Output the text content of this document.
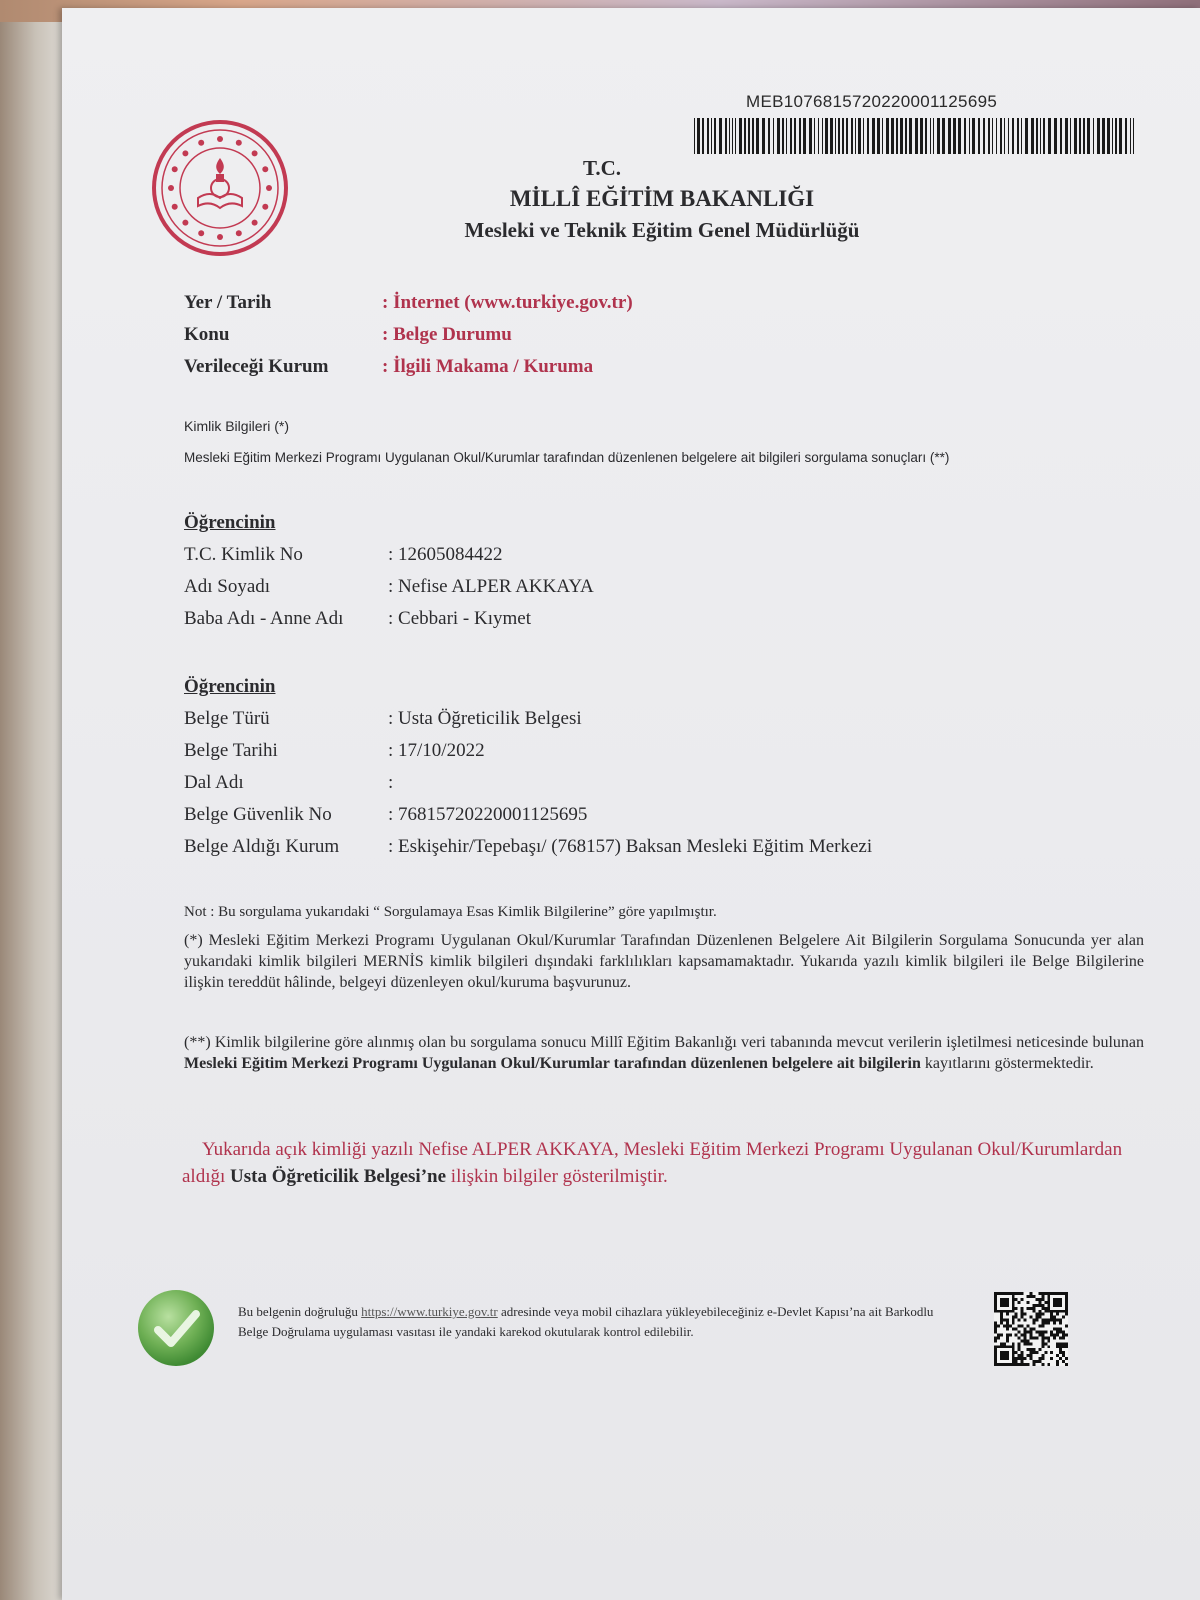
MEB1076815720220001125695
T.C.
MİLLÎ EĞİTİM BAKANLIĞI
Mesleki ve Teknik Eğitim Genel Müdürlüğü
Yer / Tarih	: İnternet (www.turkiye.gov.tr)
Konu	: Belge Durumu
Verileceği Kurum	: İlgili Makama / Kuruma
Kimlik Bilgileri (*)
Mesleki Eğitim Merkezi Programı Uygulanan Okul/Kurumlar tarafından düzenlenen belgelere ait bilgileri sorgulama sonuçları (**)
Öğrencinin
T.C. Kimlik No	: 12605084422
Adı Soyadı	: Nefise ALPER AKKAYA
Baba Adı - Anne Adı : Cebbari - Kıymet
Öğrencinin
Belge Türü	: Usta Öğreticilik Belgesi
Belge Tarihi	: 17/10/2022
Dal Adı	:
Belge Güvenlik No	: 76815720220001125695
Belge Aldığı Kurum	: Eskişehir/Tepebaşı/ (768157) Baksan Mesleki Eğitim Merkezi
Not : Bu sorgulama yukarıdaki “ Sorgulamaya Esas Kimlik Bilgilerine” göre yapılmıştır.
(*) Mesleki Eğitim Merkezi Programı Uygulanan Okul/Kurumlar Tarafından Düzenlenen Belgelere Ait Bilgilerin Sorgulama Sonucunda yer alan yukarıdaki kimlik bilgileri MERNİS kimlik bilgileri dışındaki farklılıkları kapsamamaktadır. Yukarıda yazılı kimlik bilgileri ile Belge Bilgilerine ilişkin tereddüt hâlinde, belgeyi düzenleyen okul/kuruma başvurunuz.
(**) Kimlik bilgilerine göre alınmış olan bu sorgulama sonucu Millî Eğitim Bakanlığı veri tabanında mevcut verilerin işletilmesi neticesinde bulunan Mesleki Eğitim Merkezi Programı Uygulanan Okul/Kurumlar tarafından düzenlenen belgelere ait bilgilerin kayıtlarını göstermektedir.
Yukarıda açık kimliği yazılı Nefise ALPER AKKAYA, Mesleki Eğitim Merkezi Programı Uygulanan Okul/Kurumlardan aldığı Usta Öğreticilik Belgesi’ne ilişkin bilgiler gösterilmiştir.
Bu belgenin doğruluğu https://www.turkiye.gov.tr adresinde veya mobil cihazlara yükleyebileceğiniz e-Devlet Kapısı’na ait Barkodlu Belge Doğrulama uygulaması vasıtası ile yandaki karekod okutularak kontrol edilebilir.
